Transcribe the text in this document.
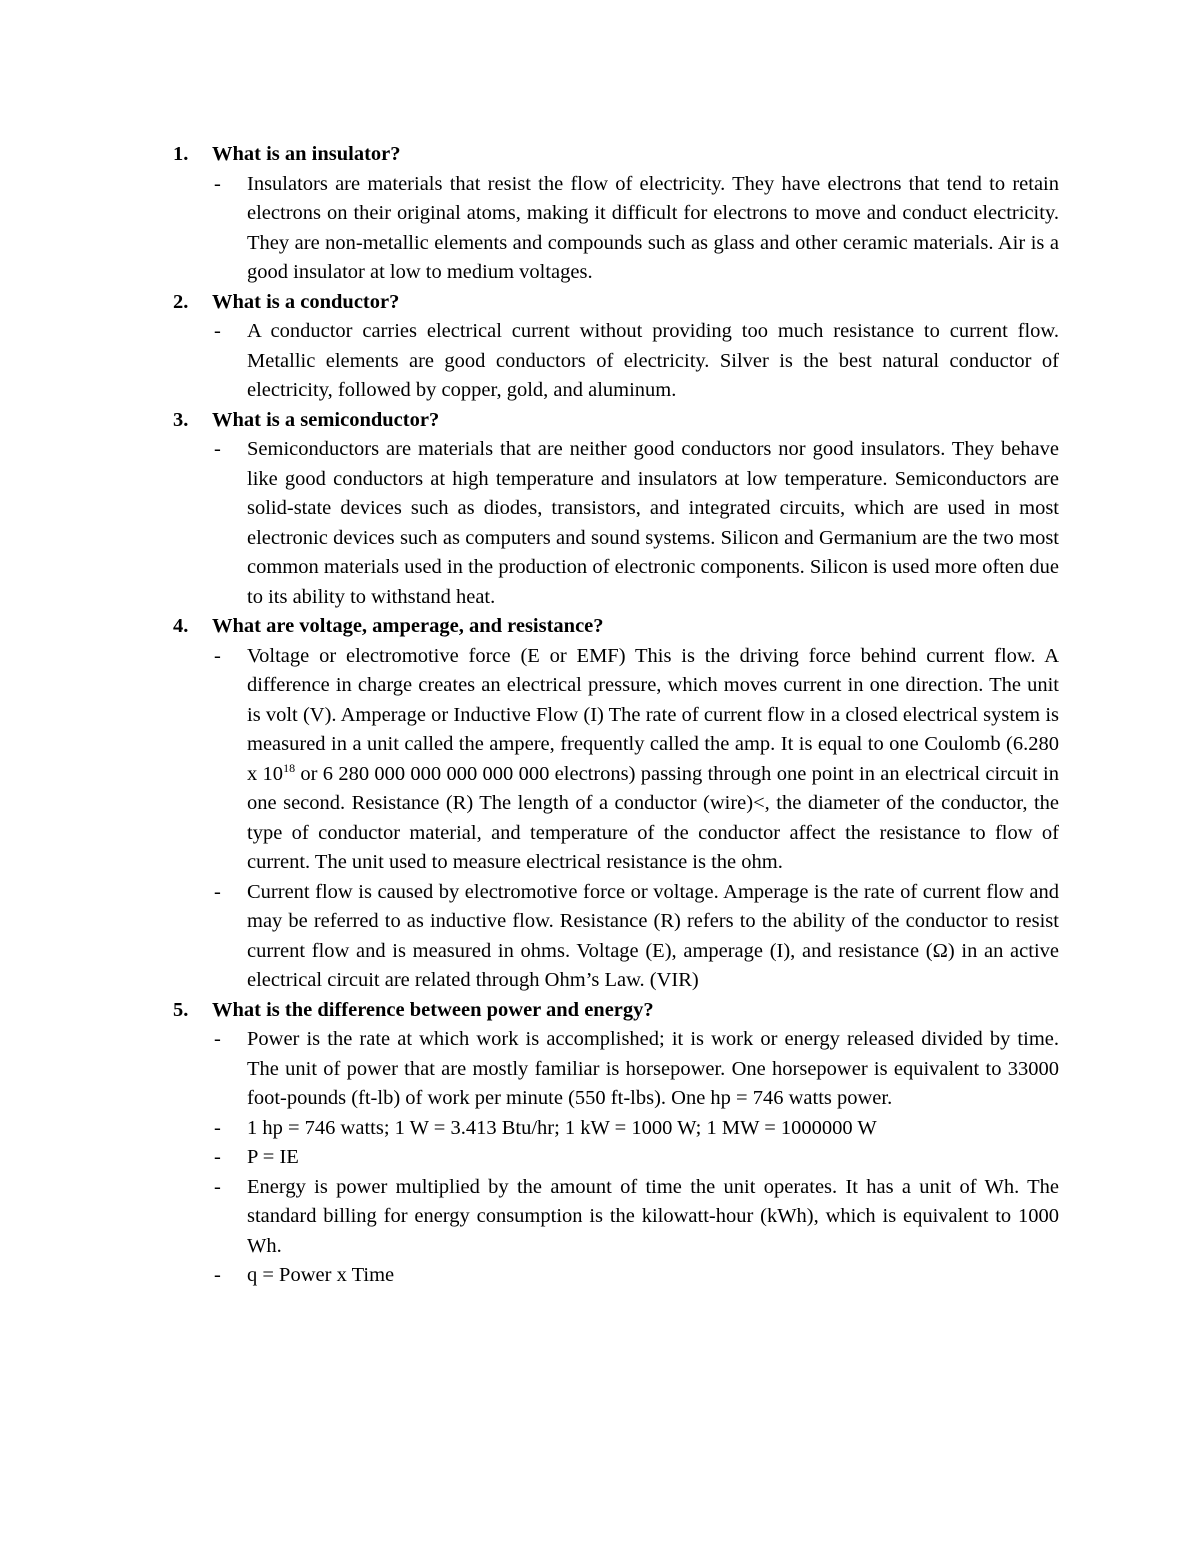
1. What is an insulator?
- Insulators are materials that resist the flow of electricity. They have electrons that tend to retain electrons on their original atoms, making it difficult for electrons to move and conduct electricity. They are non-metallic elements and compounds such as glass and other ceramic materials. Air is a good insulator at low to medium voltages.
2. What is a conductor?
- A conductor carries electrical current without providing too much resistance to current flow. Metallic elements are good conductors of electricity. Silver is the best natural conductor of electricity, followed by copper, gold, and aluminum.
3. What is a semiconductor?
- Semiconductors are materials that are neither good conductors nor good insulators. They behave like good conductors at high temperature and insulators at low temperature. Semiconductors are solid-state devices such as diodes, transistors, and integrated circuits, which are used in most electronic devices such as computers and sound systems. Silicon and Germanium are the two most common materials used in the production of electronic components. Silicon is used more often due to its ability to withstand heat.
4. What are voltage, amperage, and resistance?
- Voltage or electromotive force (E or EMF) This is the driving force behind current flow. A difference in charge creates an electrical pressure, which moves current in one direction. The unit is volt (V). Amperage or Inductive Flow (I) The rate of current flow in a closed electrical system is measured in a unit called the ampere, frequently called the amp. It is equal to one Coulomb (6.280 x $10^{18}$ or 6 280 000 000 000 000 000 electrons) passing through one point in an electrical circuit in one second. Resistance (R) The length of a conductor (wire)<, the diameter of the conductor, the type of conductor material, and temperature of the conductor affect the resistance to flow of current. The unit used to measure electrical resistance is the ohm.
- Current flow is caused by electromotive force or voltage. Amperage is the rate of current flow and may be referred to as inductive flow. Resistance (R) refers to the ability of the conductor to resist current flow and is measured in ohms. Voltage (E), amperage (I), and resistance (Ω) in an active electrical circuit are related through Ohm’s Law. (VIR)
5. What is the difference between power and energy?
- Power is the rate at which work is accomplished; it is work or energy released divided by time. The unit of power that are mostly familiar is horsepower. One horsepower is equivalent to 33000 foot-pounds (ft-lb) of work per minute (550 ft-lbs). One hp = 746 watts power.
- 1 hp = 746 watts; 1 W = 3.413 Btu/hr; 1 kW = 1000 W; 1 MW = 1000000 W
- P = IE
- Energy is power multiplied by the amount of time the unit operates. It has a unit of Wh. The standard billing for energy consumption is the kilowatt-hour (kWh), which is equivalent to 1000 Wh.
- q = Power x Time
